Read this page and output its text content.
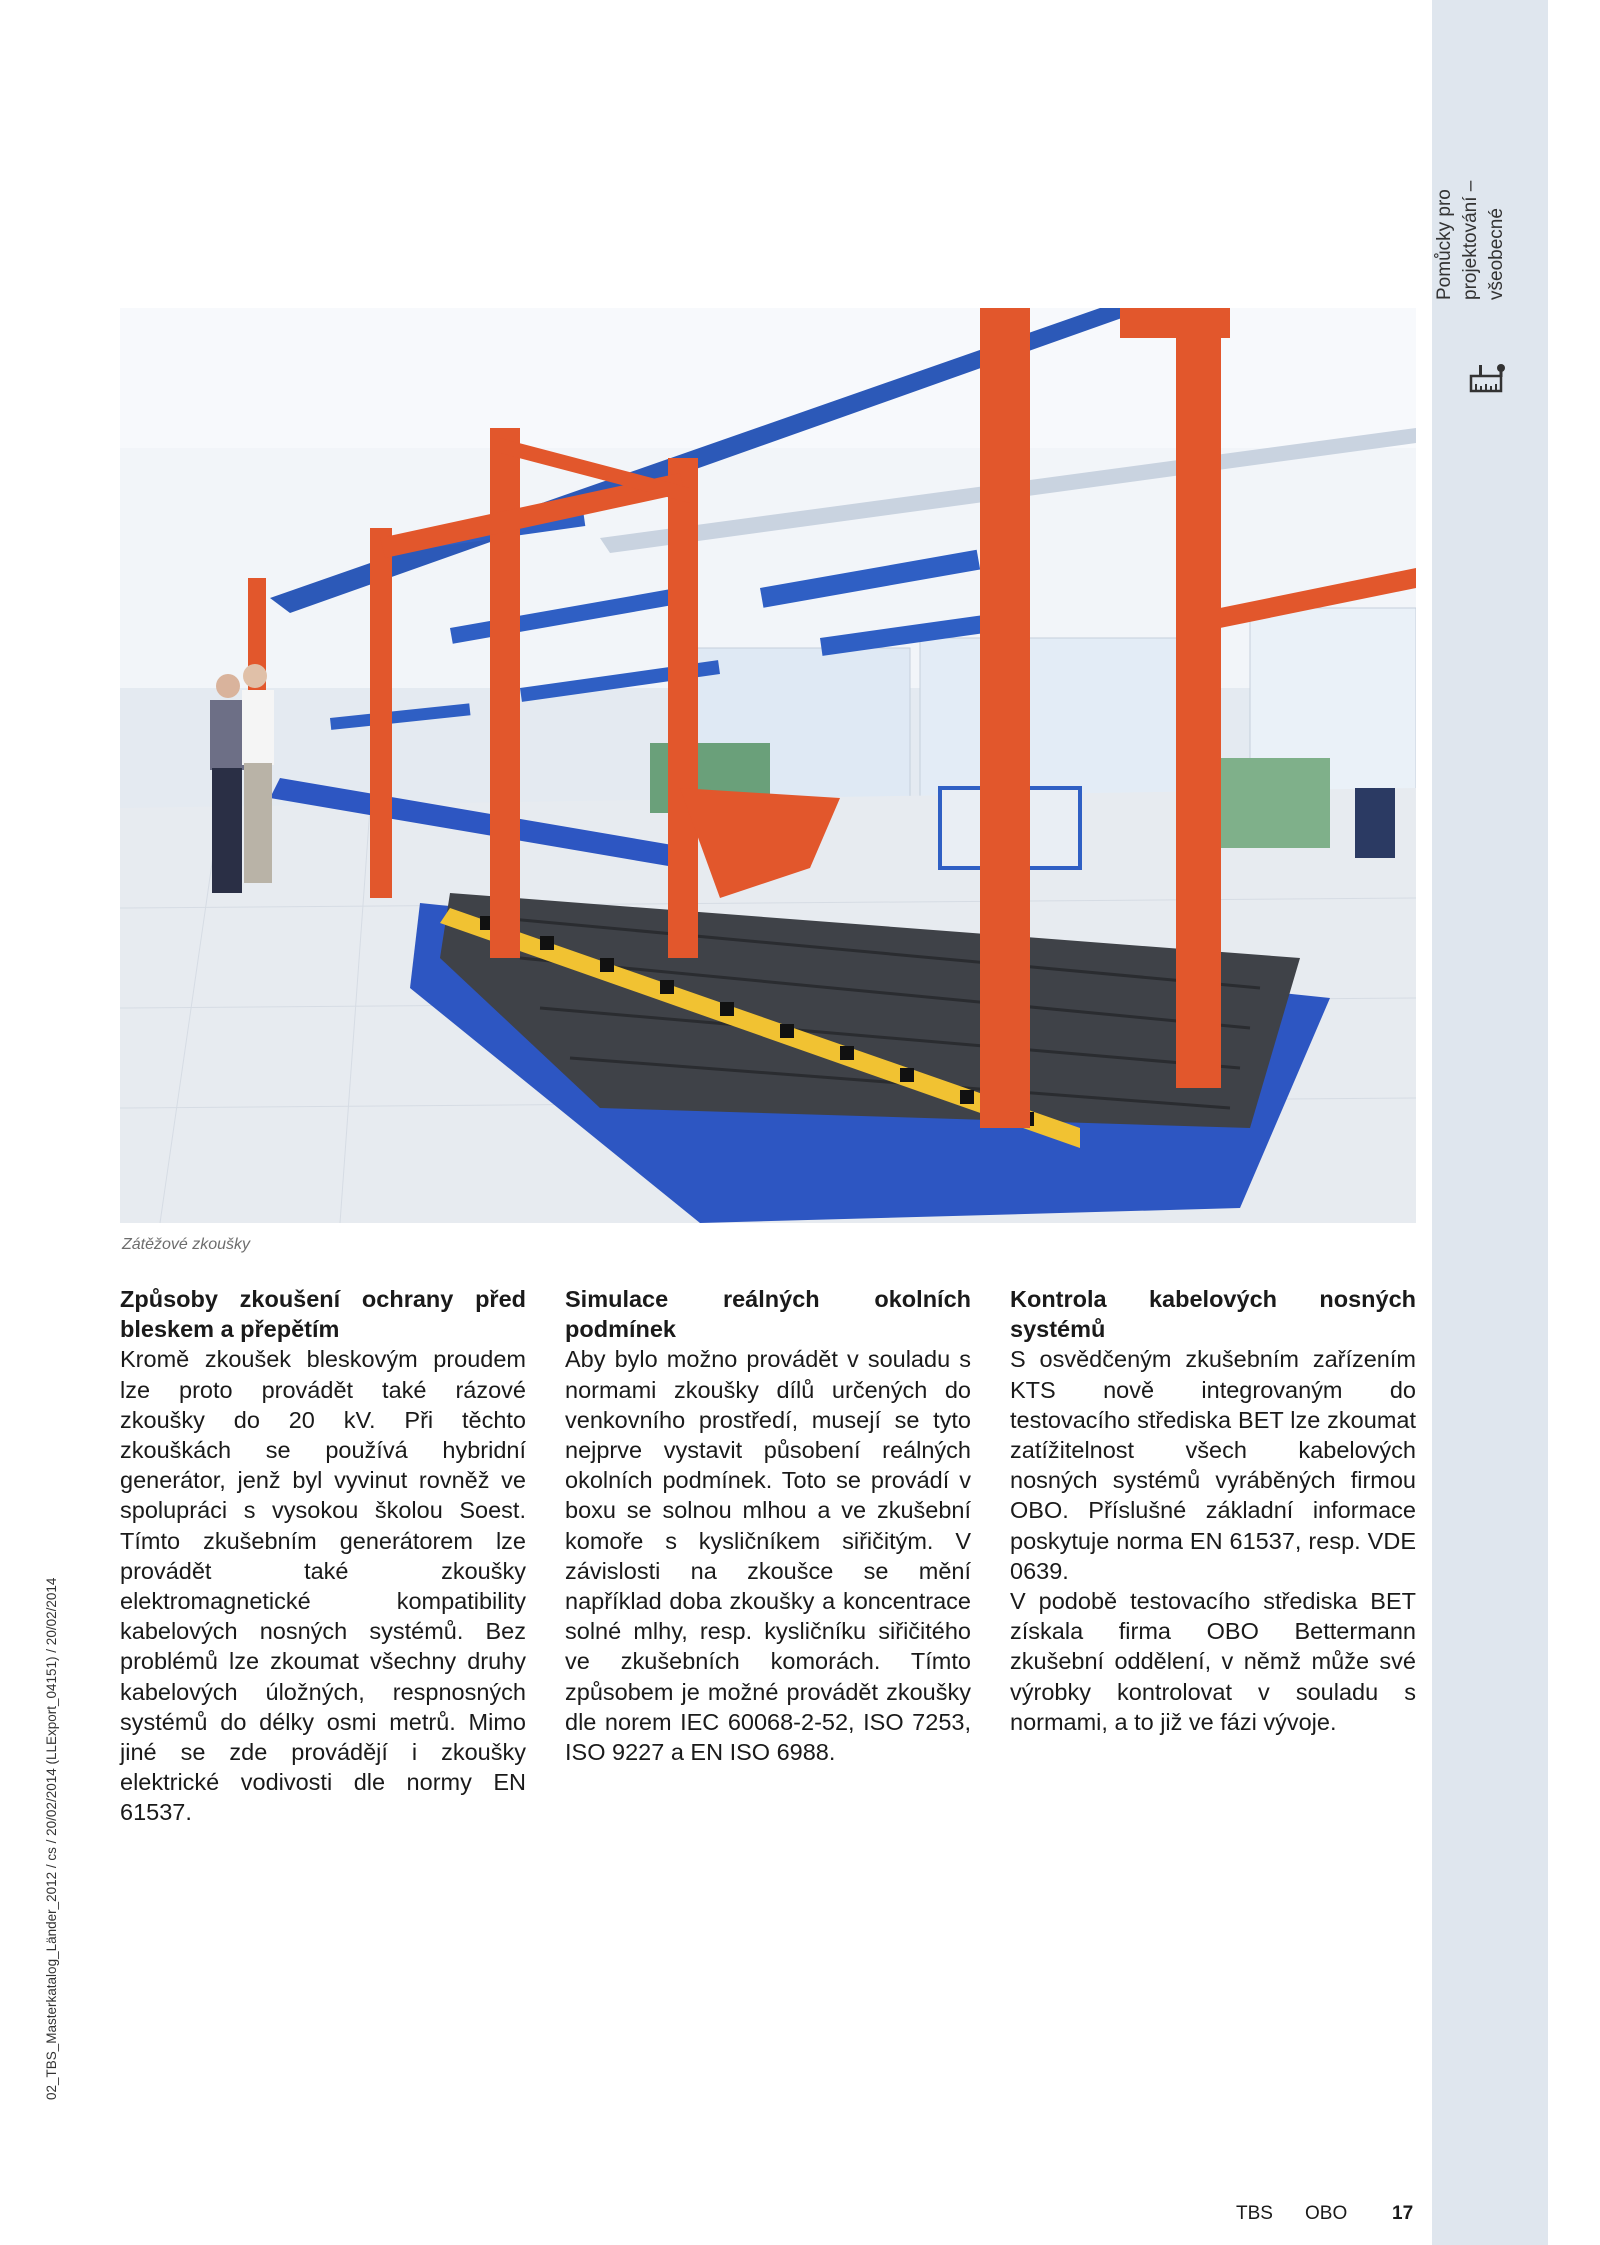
Pomůcky pro projektování – všeobecné
02_TBS_Masterkatalog_Länder_2012 / cs / 20/02/2014 (LLExport_04151) / 20/02/2014
Zátěžové zkoušky
Způsoby zkoušení ochrany před bleskem a přepětím

Kromě zkoušek bleskovým proudem lze proto provádět také rázové zkoušky do 20 kV. Při těchto zkouškách se používá hybridní generátor, jenž byl vyvinut rovněž ve spolupráci s vysokou školou Soest. Tímto zkušebním generátorem lze provádět také zkoušky elektromagnetické kompatibility kabelových nosných systémů. Bez problémů lze zkoumat všechny druhy kabelových úložných, respnosných systémů do délky osmi metrů. Mimo jiné se zde provádějí i zkoušky elektrické vodivosti dle normy EN 61537.

Simulace reálných okolních podmínek

Aby bylo možno provádět v souladu s normami zkoušky dílů určených do venkovního prostředí, musejí se tyto nejprve vystavit působení reálných okolních podmínek. Toto se provádí v boxu se solnou mlhou a ve zkušební komoře s kysličníkem siřičitým. V závislosti na zkoušce se mění například doba zkoušky a koncentrace solné mlhy, resp. kysličníku siřičitého ve zkušebních komorách. Tímto způsobem je možné provádět zkoušky dle norem IEC 60068-2-52, ISO 7253, ISO 9227 a EN ISO 6988.

Kontrola kabelových nosných systémů

S osvědčeným zkušebním zařízením KTS nově integrovaným do testovacího střediska BET lze zkoumat zatížitelnost všech kabelových nosných systémů vyráběných firmou OBO. Příslušné základní informace poskytuje norma EN 61537, resp. VDE 0639.

V podobě testovacího střediska BET získala firma OBO Bettermann zkušební oddělení, v němž může své výrobky kontrolovat v souladu s normami, a to již ve fázi vývoje.

TBS OBO 17
